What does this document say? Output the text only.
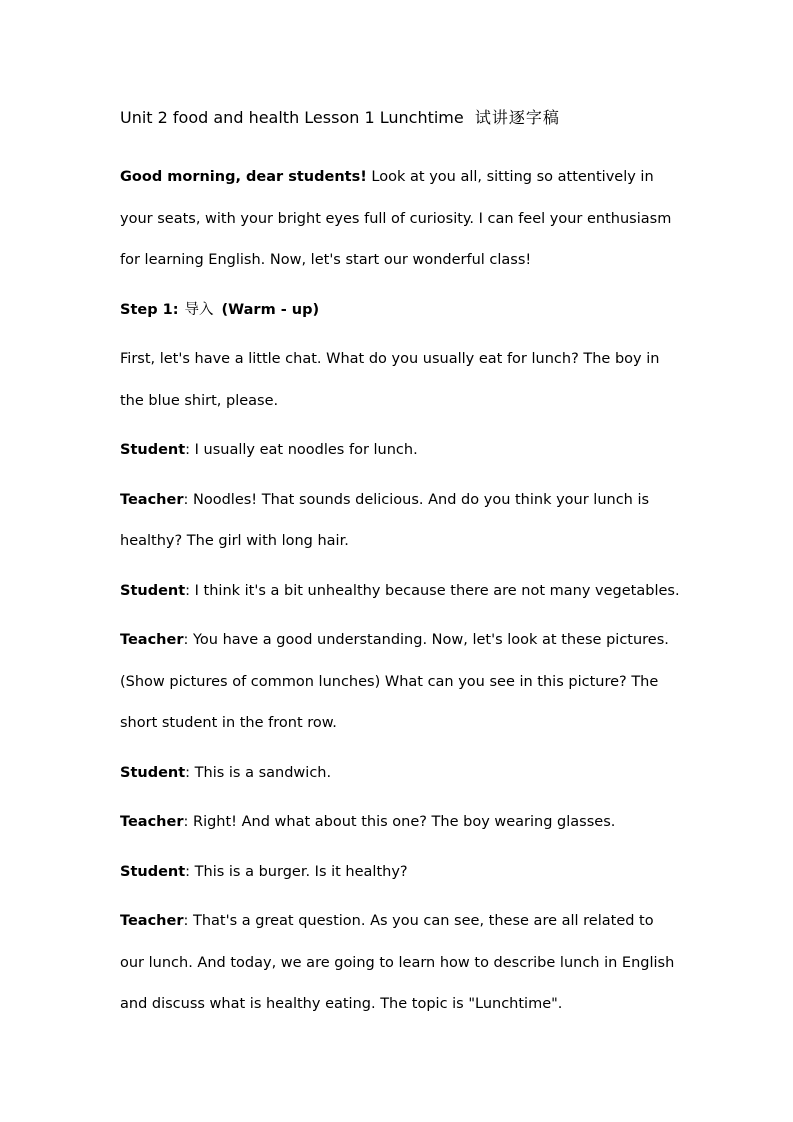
Unit 2 food and health Lesson 1 Lunchtime 试讲逐字稿

Good morning, dear students! Look at you all, sitting so attentively in your seats, with your bright eyes full of curiosity. I can feel your enthusiasm for learning English. Now, let's start our wonderful class!

Step 1: 导入 (Warm - up)

First, let's have a little chat. What do you usually eat for lunch? The boy in the blue shirt, please.

Student: I usually eat noodles for lunch.

Teacher: Noodles! That sounds delicious. And do you think your lunch is healthy? The girl with long hair.

Student: I think it's a bit unhealthy because there are not many vegetables.

Teacher: You have a good understanding. Now, let's look at these pictures. (Show pictures of common lunches) What can you see in this picture? The short student in the front row.

Student: This is a sandwich.

Teacher: Right! And what about this one? The boy wearing glasses.

Student: This is a burger. Is it healthy?

Teacher: That's a great question. As you can see, these are all related to our lunch. And today, we are going to learn how to describe lunch in English and discuss what is healthy eating. The topic is "Lunchtime".
